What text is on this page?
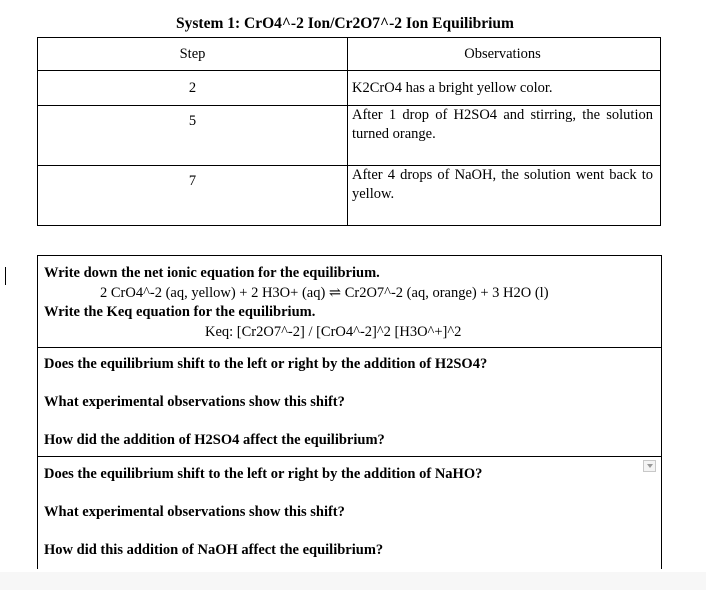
System 1: CrO4^-2 Ion/Cr2O7^-2 Ion Equilibrium
Step	Observations
2	K2CrO4 has a bright yellow color.
5	After 1 drop of H2SO4 and stirring, the solution turned orange.
7	After 4 drops of NaOH, the solution went back to yellow.
Write down the net ionic equation for the equilibrium.
2 CrO4^-2 (aq, yellow) + 2 H3O+ (aq) ⇌ Cr2O7^-2 (aq, orange) + 3 H2O (l)
Write the Keq equation for the equilibrium.
Keq: [Cr2O7^-2] / [CrO4^-2]^2 [H3O^+]^2
Does the equilibrium shift to the left or right by the addition of H2SO4?
What experimental observations show this shift?
How did the addition of H2SO4 affect the equilibrium?
Does the equilibrium shift to the left or right by the addition of NaHO?
What experimental observations show this shift?
How did this addition of NaOH affect the equilibrium?
